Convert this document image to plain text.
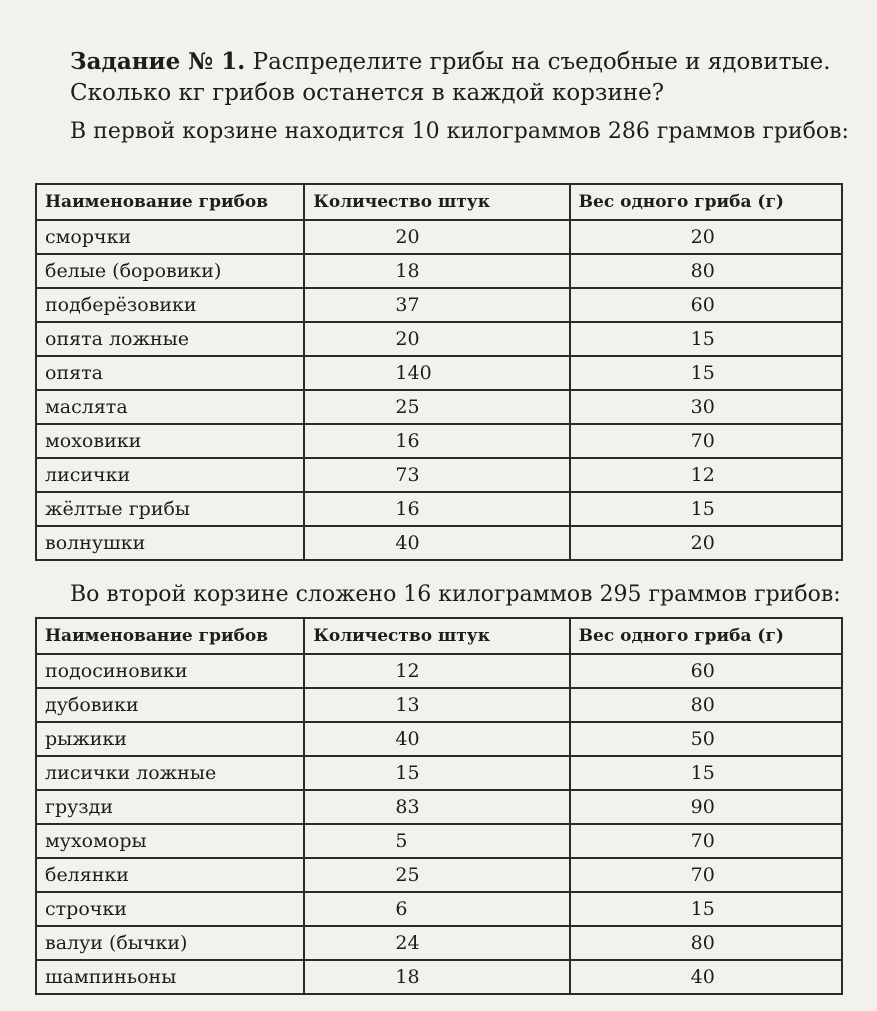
Задание № 1. Распределите грибы на съедобные и ядовитые. Сколько кг грибов останется в каждой корзине?
В первой корзине находится 10 килограммов 286 граммов грибов:
Наименование грибов	Количество штук	Вес одного гриба (г)
сморчки	20	20
белые (боровики)	18	80
подберёзовики	37	60
опята ложные	20	15
опята	140	15
маслята	25	30
моховики	16	70
лисички	73	12
жёлтые грибы	16	15
волнушки	40	20
Во второй корзине сложено 16 килограммов 295 граммов грибов:
Наименование грибов	Количество штук	Вес одного гриба (г)
подосиновики	12	60
дубовики	13	80
рыжики	40	50
лисички ложные	15	15
грузди	83	90
мухоморы	5	70
белянки	25	70
строчки	6	15
валуи (бычки)	24	80
шампиньоны	18	40
